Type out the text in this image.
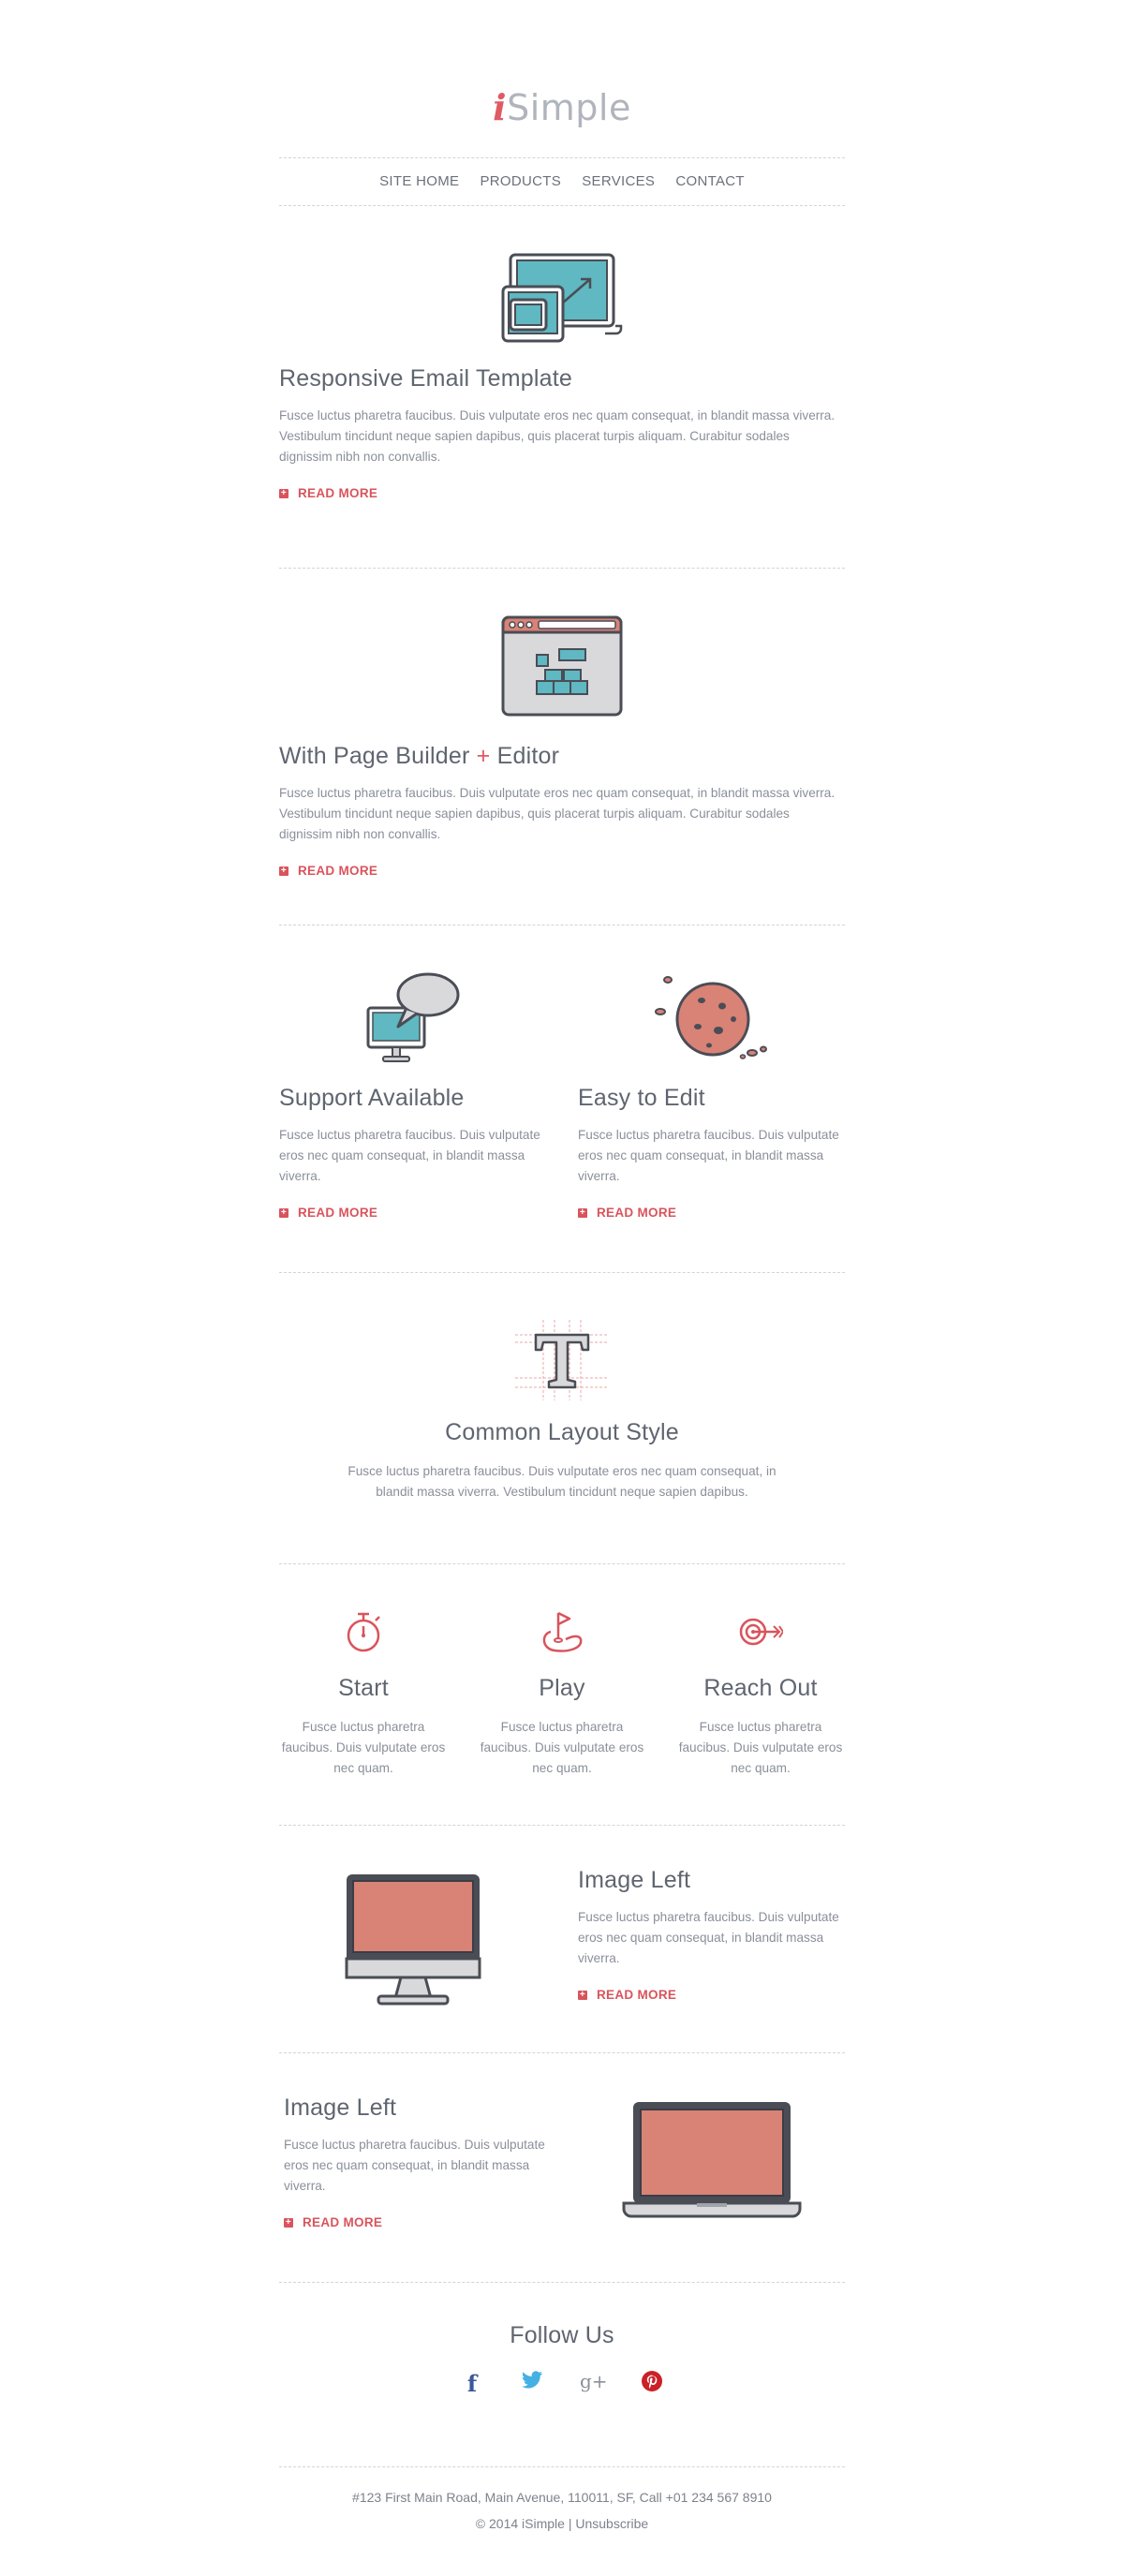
iSimple
SITE HOME PRODUCTS SERVICES CONTACT
Responsive Email Template

Fusce luctus pharetra faucibus. Duis vulputate eros nec quam consequat, in blandit massa viverra. Vestibulum tincidunt neque sapien dapibus, quis placerat turpis aliquam. Curabitur sodales dignissim nibh non convallis.

+ READ MORE
With Page Builder + Editor

Fusce luctus pharetra faucibus. Duis vulputate eros nec quam consequat, in blandit massa viverra. Vestibulum tincidunt neque sapien dapibus, quis placerat turpis aliquam. Curabitur sodales dignissim nibh non convallis.

+ READ MORE
Support Available

Fusce luctus pharetra faucibus. Duis vulputate eros nec quam consequat, in blandit massa viverra.

+ READ MORE
Easy to Edit

Fusce luctus pharetra faucibus. Duis vulputate eros nec quam consequat, in blandit massa viverra.

+ READ MORE
Common Layout Style

Fusce luctus pharetra faucibus. Duis vulputate eros nec quam consequat, in blandit massa viverra. Vestibulum tincidunt neque sapien dapibus.

Start

Fusce luctus pharetra faucibus. Duis vulputate eros nec quam.

Play

Fusce luctus pharetra faucibus. Duis vulputate eros nec quam.

Reach Out

Fusce luctus pharetra faucibus. Duis vulputate eros nec quam.

Image Left

Fusce luctus pharetra faucibus. Duis vulputate eros nec quam consequat, in blandit massa viverra.

+ READ MORE
Image Left

Fusce luctus pharetra faucibus. Duis vulputate eros nec quam consequat, in blandit massa viverra.

+ READ MORE
Follow Us
f	g+

#123 First Main Road, Main Avenue, 110011, SF, Call +01 234 567 8910

© 2014 iSimple | Unsubscribe
